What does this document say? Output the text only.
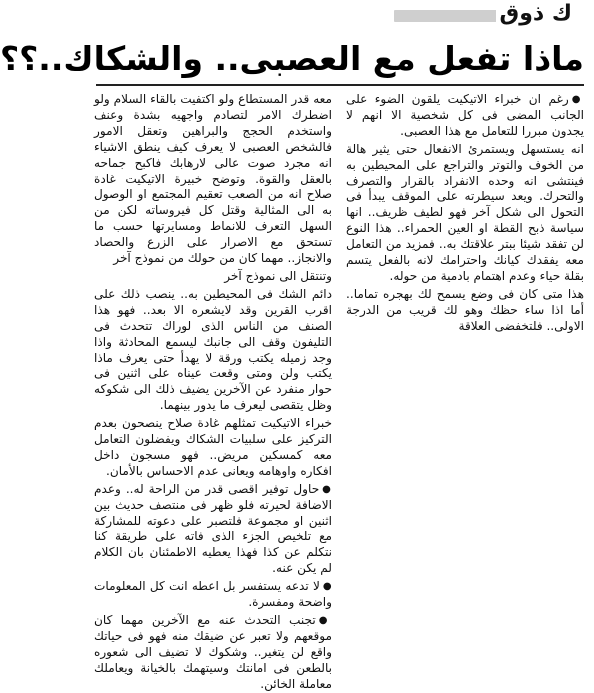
ك ذوق
ماذا تفعل مع العصبى.. والشكاك..؟؟

●رغم ان خبراء الاتيكيت يلقون الضوء على الجانب المضى فى كل شخصية الا انهم لا يجدون مبررا للتعامل مع هذا العصبى.

انه يستسهل ويستمرئ الانفعال حتى يثير هالة من الخوف والتوتر والتراجع على المحيطين به فينتشى انه وحده الانفراد بالقرار والتصرف والتحرك. ويعد سيطرته على الموقف يبدأ فى التحول الى شكل آخر فهو لطيف ظريف.. انها سياسة ذبح القطة او العين الحمراء.. هذا النوع لن تفقد شيئا ببتر علاقتك به.. فمزيد من التعامل معه يفقدك كيانك واحترامك لانه بالفعل يتسم بقلة حياء وعدم اهتمام بادمية من حوله.

هذا متى كان فى وضع يسمح لك بهجره تماما.. أما اذا ساء حظك وهو لك قريب من الدرجة الاولى.. فلتخفضى العلاقة

معه قدر المستطاع ولو اكتفيت بالقاء السلام ولو اضطرك الامر لتصادم واجهيه بشدة وعنف واستخدم الحجج والبراهين وتعقل الامور فالشخص العصبى لا يعرف كيف ينطق الاشياء انه مجرد صوت عالى لارهابك فاكبح جماحه بالعقل والقوة. وتوضح خبيرة الاتيكيت غادة صلاح انه من الصعب تعقيم المجتمع او الوصول به الى المثالية وقتل كل فيروساته لكن من السهل التعرف للانماط ومسايرتها حسب ما تستحق مع الاصرار على الزرع والحصاد والانجاز.. مهما كان من حولك من نموذج آخر

وتنتقل الى نموذج آخر

دائم الشك فى المحيطين به.. ينصب ذلك على اقرب القرين وقد لايشعره الا بعد.. فهو هذا الصنف من الناس الذى لوراك تتحدث فى التليفون وقف الى جانبك ليسمع المحادثة واذا وجد زميله يكتب ورقة لا يهدأ حتى يعرف ماذا يكتب ولن ومتى وقعت عيناه على اثنين فى حوار منفرد عن الآخرين يضيف ذلك الى شكوكه وظل يتقصى ليعرف ما يدور بينهما.

خبراء الاتيكيت تمثلهم غادة صلاح ينصحون بعدم التركيز على سلبيات الشكاك ويفضلون التعامل معه كمسكين مريض.. فهو مسجون داخل افكاره واوهامه ويعانى عدم الاحساس بالأمان.

●حاول توفير اقصى قدر من الراحة له.. وعدم الاضافة لحيرته فلو ظهر فى منتصف حديث بين اثنين او مجموعة فلتصبر على دعوته للمشاركة مع تلخيص الجزء الذى فاته على طريقة كنا نتكلم عن كذا فهذا يعطيه الاطمئنان بان الكلام لم يكن عنه.

●لا تدعه يستفسر بل اعطه انت كل المعلومات واضحة ومفسرة.

●تجنب التحدث عنه مع الآخرين مهما كان موقعهم ولا تعبر عن ضيقك منه فهو فى حياتك واقع لن يتغير.. وشكوك لا تضيف الى شعوره بالطعن فى امانتك وسيتهمك بالخيانة ويعاملك معاملة الخائن.
